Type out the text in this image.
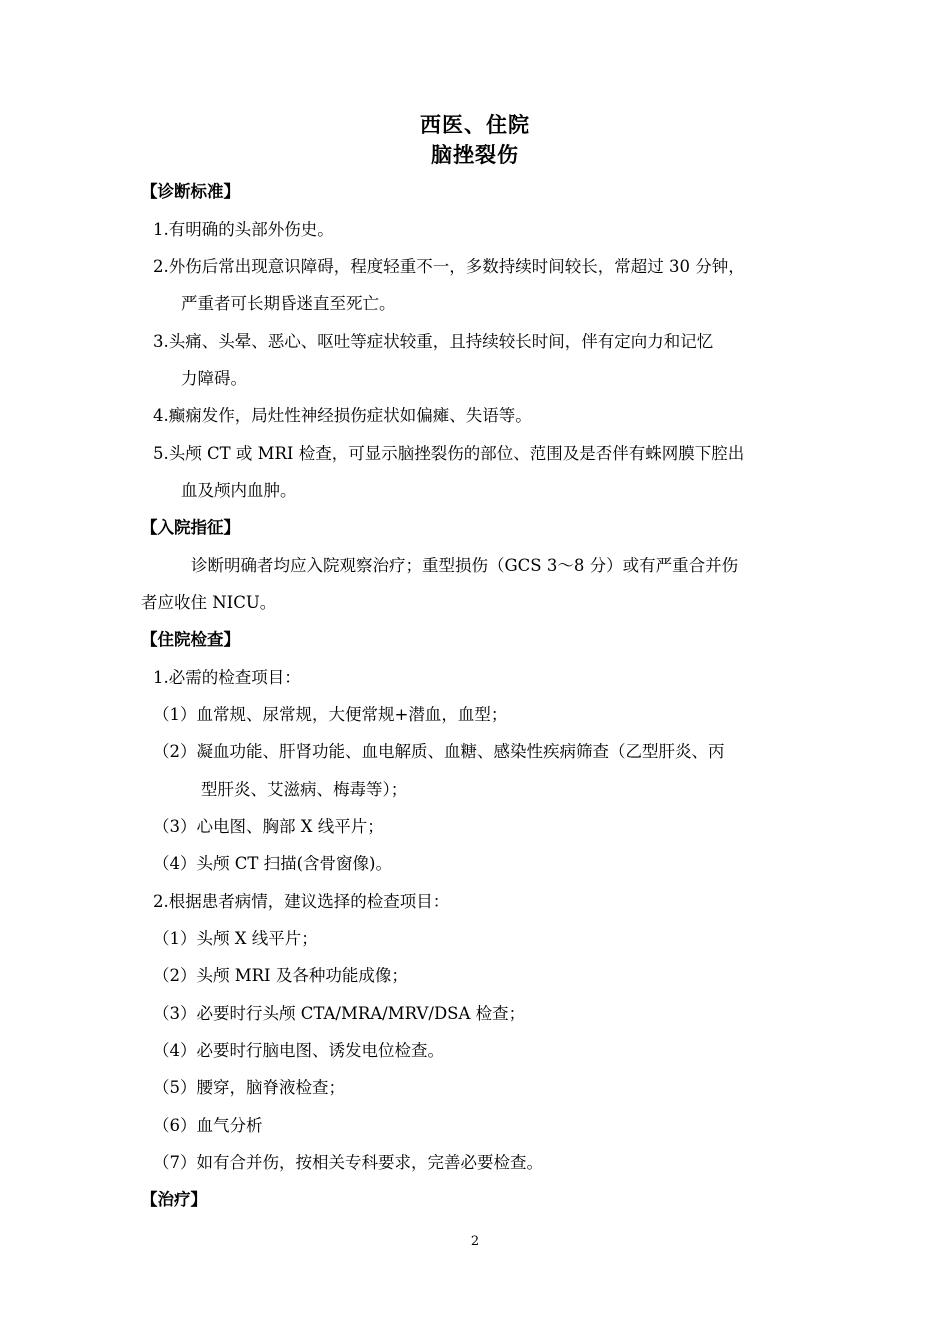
西医、住院
脑挫裂伤
【诊断标准】
1.有明确的头部外伤史。
2.外伤后常出现意识障碍，程度轻重不一，多数持续时间较长，常超过 30 分钟，
严重者可长期昏迷直至死亡。
3.头痛、头晕、恶心、呕吐等症状较重，且持续较长时间，伴有定向力和记忆
力障碍。
4.癫痫发作，局灶性神经损伤症状如偏瘫、失语等。
5.头颅 CT 或 MRI 检查，可显示脑挫裂伤的部位、范围及是否伴有蛛网膜下腔出
血及颅内血肿。
【入院指征】
诊断明确者均应入院观察治疗；重型损伤（GCS 3～8 分）或有严重合并伤
者应收住 NICU。
【住院检查】
1.必需的检查项目：
（1）血常规、尿常规，大便常规+潜血，血型；
（2）凝血功能、肝肾功能、血电解质、血糖、感染性疾病筛查（乙型肝炎、丙
型肝炎、艾滋病、梅毒等）；
（3）心电图、胸部 X 线平片；
（4）头颅 CT 扫描(含骨窗像)。
2.根据患者病情，建议选择的检查项目：
（1）头颅 X 线平片；
（2）头颅 MRI 及各种功能成像；
（3）必要时行头颅 CTA/MRA/MRV/DSA 检查；
（4）必要时行脑电图、诱发电位检查。
（5）腰穿，脑脊液检查；
（6）血气分析
（7）如有合并伤，按相关专科要求，完善必要检查。
【治疗】
2
